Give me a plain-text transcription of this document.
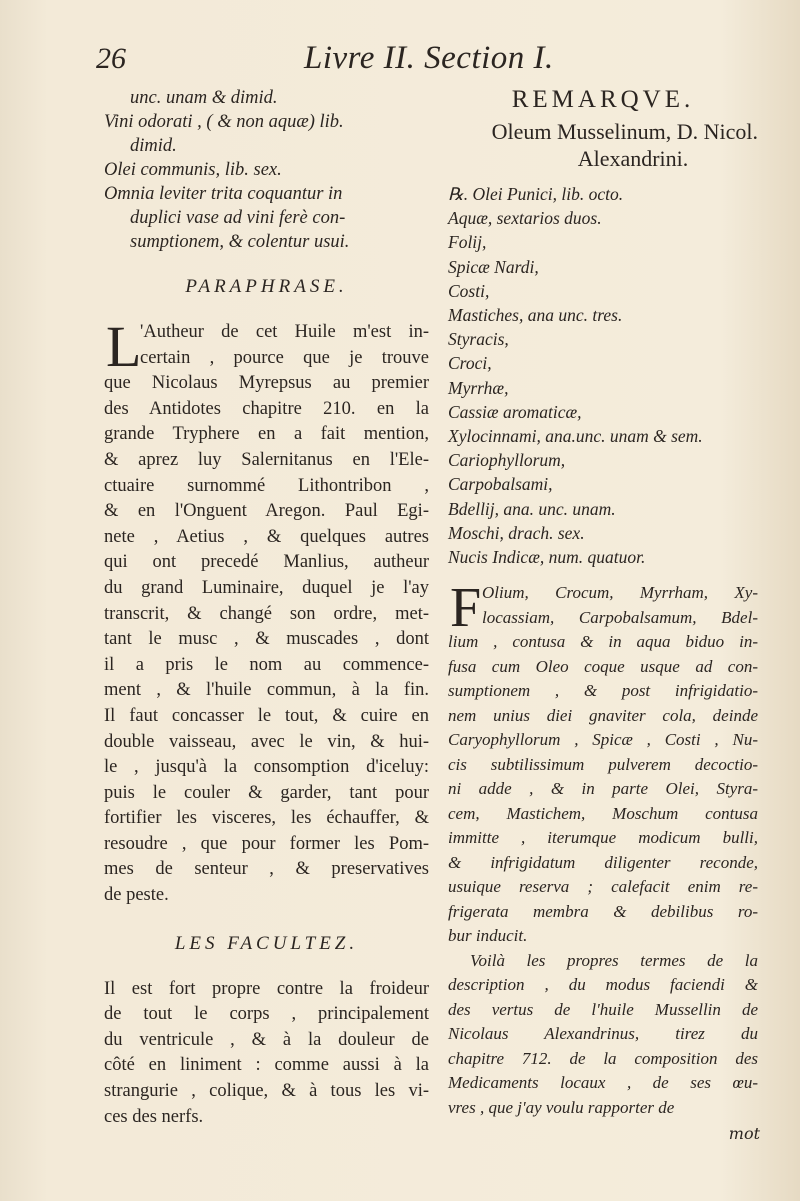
26	Livre II. Section I.
unc. unam & dimid.
Vini odorati , ( & non aquæ) lib.
dimid.
Olei communis, lib. sex.
Omnia leviter trita coquantur in
duplici vase ad vini ferè con-
sumptionem, & colentur usui.

PARAPHRASE.

L
'Autheur de cet Huile m'est in-
certain , pource que je trouve
que Nicolaus Myrepsus au premier
des Antidotes chapitre 210. en la
grande Tryphere en a fait mention,
& aprez luy Salernitanus en l'Ele-
ctuaire surnommé Lithontribon ,
& en l'Onguent Aregon. Paul Egi-
nete , Aetius , & quelques autres
qui ont precedé Manlius, autheur
du grand Luminaire, duquel je l'ay
transcrit, & changé son ordre, met-
tant le musc , & muscades , dont
il a pris le nom au commence-
ment , & l'huile commun, à la fin.
Il faut concasser le tout, & cuire en
double vaisseau, avec le vin, & hui-
le , jusqu'à la consomption d'iceluy:
puis le couler & garder, tant pour
fortifier les visceres, les échauffer, &
resoudre , que pour former les Pom-
mes de senteur , & preservatives
de peste.

LES FACULTEZ.

Il est fort propre contre la froideur
de tout le corps , principalement
du ventricule , & à la douleur de
côté en liniment : comme aussi à la
strangurie , colique, & à tous les vi-
ces des nerfs.

REMARQVE.

Oleum Musselinum, D. Nicol.
Alexandrini.
℞. Olei Punici, lib. octo.
Aquæ, sextarios duos.
Folij,
Spicæ Nardi,
Costi,
Mastiches, ana unc. tres.
Styracis,
Croci,
Myrrhæ,
Cassiæ aromaticæ,
Xylocinnami, ana.unc. unam & sem.
Cariophyllorum,
Carpobalsami,
Bdellij, ana. unc. unam.
Moschi, drach. sex.
Nucis Indicæ, num. quatuor.
F Olium, Crocum, Myrrham, Xy-
locassiam, Carpobalsamum, Bdel-
lium , contusa & in aqua biduo in-
fusa cum Oleo coque usque ad con-
sumptionem , & post infrigidatio-
nem unius diei gnaviter cola, deinde
Caryophyllorum , Spicæ , Costi , Nu-
cis subtilissimum pulverem decoctio-
ni adde , & in parte Olei, Styra-
cem, Mastichem, Moschum contusa
immitte , iterumque modicum bulli,
& infrigidatum diligenter reconde,
usuique reserva ; calefacit enim re-
frigerata membra & debilibus ro-
bur inducit.
Voilà les propres termes de la
description , du modus faciendi &
des vertus de l'huile Mussellin de
Nicolaus Alexandrinus, tirez du
chapitre 712. de la composition des
Medicaments locaux , de ses œu-
vres , que j'ay voulu rapporter de
mot
